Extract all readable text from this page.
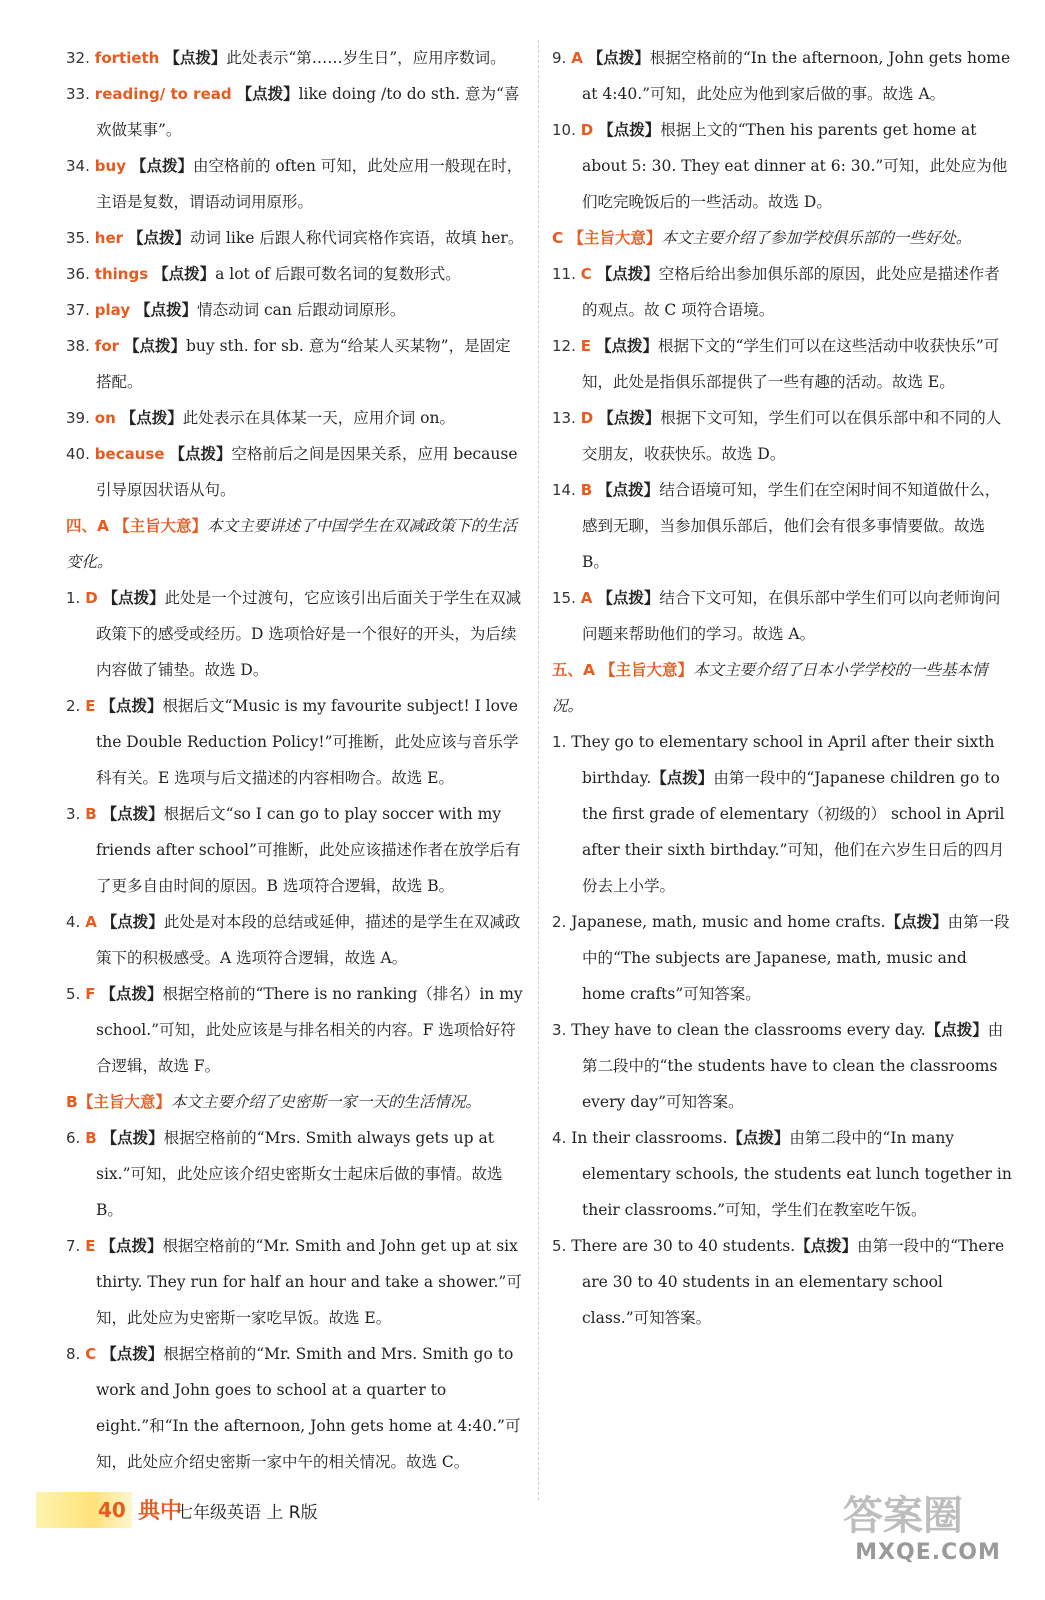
32. fortieth 【点拨】此处表示“第……岁生日”，应用序数词。

33. reading/ to read 【点拨】like doing /to do sth. 意为“喜欢做某事”。

34. buy 【点拨】由空格前的 often 可知，此处应用一般现在时，主语是复数，谓语动词用原形。

35. her 【点拨】动词 like 后跟人称代词宾格作宾语，故填 her。

36. things 【点拨】a lot of 后跟可数名词的复数形式。

37. play 【点拨】情态动词 can 后跟动词原形。

38. for 【点拨】buy sth. for sb. 意为“给某人买某物”，是固定搭配。

39. on 【点拨】此处表示在具体某一天，应用介词 on。

40. because 【点拨】空格前后之间是因果关系，应用 because 引导原因状语从句。

四、A 【主旨大意】本文主要讲述了中国学生在双减政策下的生活变化。

1. D 【点拨】此处是一个过渡句，它应该引出后面关于学生在双减政策下的感受或经历。D 选项恰好是一个很好的开头，为后续内容做了铺垫。故选 D。

2. E 【点拨】根据后文“Music is my favourite subject! I love the Double Reduction Policy!”可推断，此处应该与音乐学科有关。E 选项与后文描述的内容相吻合。故选 E。

3. B 【点拨】根据后文“so I can go to play soccer with my friends after school”可推断，此处应该描述作者在放学后有了更多自由时间的原因。B 选项符合逻辑，故选 B。

4. A 【点拨】此处是对本段的总结或延伸，描述的是学生在双减政策下的积极感受。A 选项符合逻辑，故选 A。

5. F 【点拨】根据空格前的“There is no ranking（排名）in my school.”可知，此处应该是与排名相关的内容。F 选项恰好符合逻辑，故选 F。

B【主旨大意】本文主要介绍了史密斯一家一天的生活情况。

6. B 【点拨】根据空格前的“Mrs. Smith always gets up at six.”可知，此处应该介绍史密斯女士起床后做的事情。故选 B。

7. E 【点拨】根据空格前的“Mr. Smith and John get up at six thirty. They run for half an hour and take a shower.”可知，此处应为史密斯一家吃早饭。故选 E。

8. C 【点拨】根据空格前的“Mr. Smith and Mrs. Smith go to work and John goes to school at a quarter to eight.”和“In the afternoon, John gets home at 4:40.”可知，此处应介绍史密斯一家中午的相关情况。故选 C。

9. A 【点拨】根据空格前的“In the afternoon, John gets home at 4:40.”可知，此处应为他到家后做的事。故选 A。

10. D 【点拨】根据上文的“Then his parents get home at about 5: 30. They eat dinner at 6: 30.”可知，此处应为他们吃完晚饭后的一些活动。故选 D。

C 【主旨大意】本文主要介绍了参加学校俱乐部的一些好处。

11. C 【点拨】空格后给出参加俱乐部的原因，此处应是描述作者的观点。故 C 项符合语境。

12. E 【点拨】根据下文的“学生们可以在这些活动中收获快乐”可知，此处是指俱乐部提供了一些有趣的活动。故选 E。

13. D 【点拨】根据下文可知，学生们可以在俱乐部中和不同的人交朋友，收获快乐。故选 D。

14. B 【点拨】结合语境可知，学生们在空闲时间不知道做什么，感到无聊，当参加俱乐部后，他们会有很多事情要做。故选 B。

15. A 【点拨】结合下文可知，在俱乐部中学生们可以向老师询问问题来帮助他们的学习。故选 A。

五、A 【主旨大意】本文主要介绍了日本小学学校的一些基本情况。

1. They go to elementary school in April after their sixth birthday.【点拨】由第一段中的“Japanese children go to the first grade of elementary（初级的） school in April after their sixth birthday.”可知，他们在六岁生日后的四月份去上小学。

2. Japanese, math, music and home crafts.【点拨】由第一段中的“The subjects are Japanese, math, music and home crafts”可知答案。

3. They have to clean the classrooms every day.【点拨】由第二段中的“the students have to clean the classrooms every day”可知答案。

4. In their classrooms.【点拨】由第二段中的“In many elementary schools, the students eat lunch together in their classrooms.”可知，学生们在教室吃午饭。

5. There are 30 to 40 students.【点拨】由第一段中的“There are 30 to 40 students in an elementary school class.”可知答案。

40 典中
七年级英语 上 R版	答案圈
MXQE.COM
